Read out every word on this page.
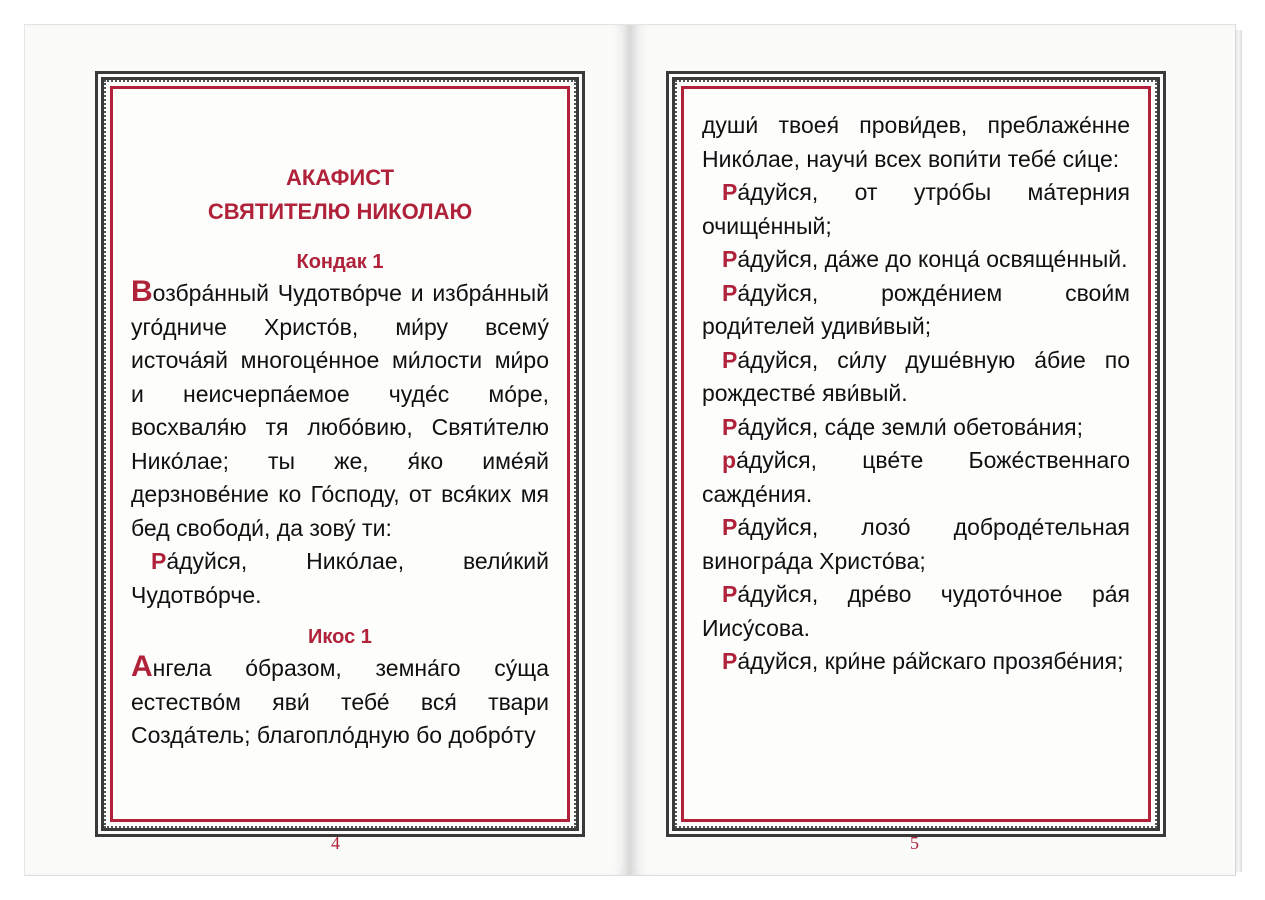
АКАФИСТ
СВЯТИТЕЛЮ НИКОЛАЮ
Кондак 1

Возбра́нный Чудотво́рче и избра́нный уго́дниче Христо́в, ми́ру всему́ источа́яй многоце́нное ми́лости ми́ро и неисчерпа́емое чуде́с мо́ре, восхваля́ю тя любо́вию, Святи́телю Нико́лае; ты же, я́ко име́яй дерзнове́ние ко Го́споду, от вся́ких мя бед свободи́, да зову́ ти:

Ра́дуйся, Нико́лае, вели́кий Чудотво́рче.

Икос 1

Ангела о́бразом, земна́го су́ща естество́м яви́ тебе́ вся́ твари Созда́тель; благопло́дную бо добро́ту

4

души́ твоея́ прови́дев, преблаже́нне Нико́лае, научи́ всех вопи́ти тебе́ си́це:

Ра́дуйся, от утро́бы ма́терния очище́нный;

Ра́дуйся, да́же до конца́ освяще́нный.

Ра́дуйся, рожде́нием свои́м роди́телей удиви́вый;

Ра́дуйся, си́лу душе́вную а́бие по рождестве́ яви́вый.

Ра́дуйся, са́де земли́ обетова́ния;

ра́дуйся, цве́те Боже́ственнаго сажде́ния.

Ра́дуйся, лозо́ доброде́тельная виногра́да Христо́ва;

Ра́дуйся, дре́во чудото́чное ра́я Иису́сова.

Ра́дуйся, кри́не ра́йскаго прозябе́ния;

5
